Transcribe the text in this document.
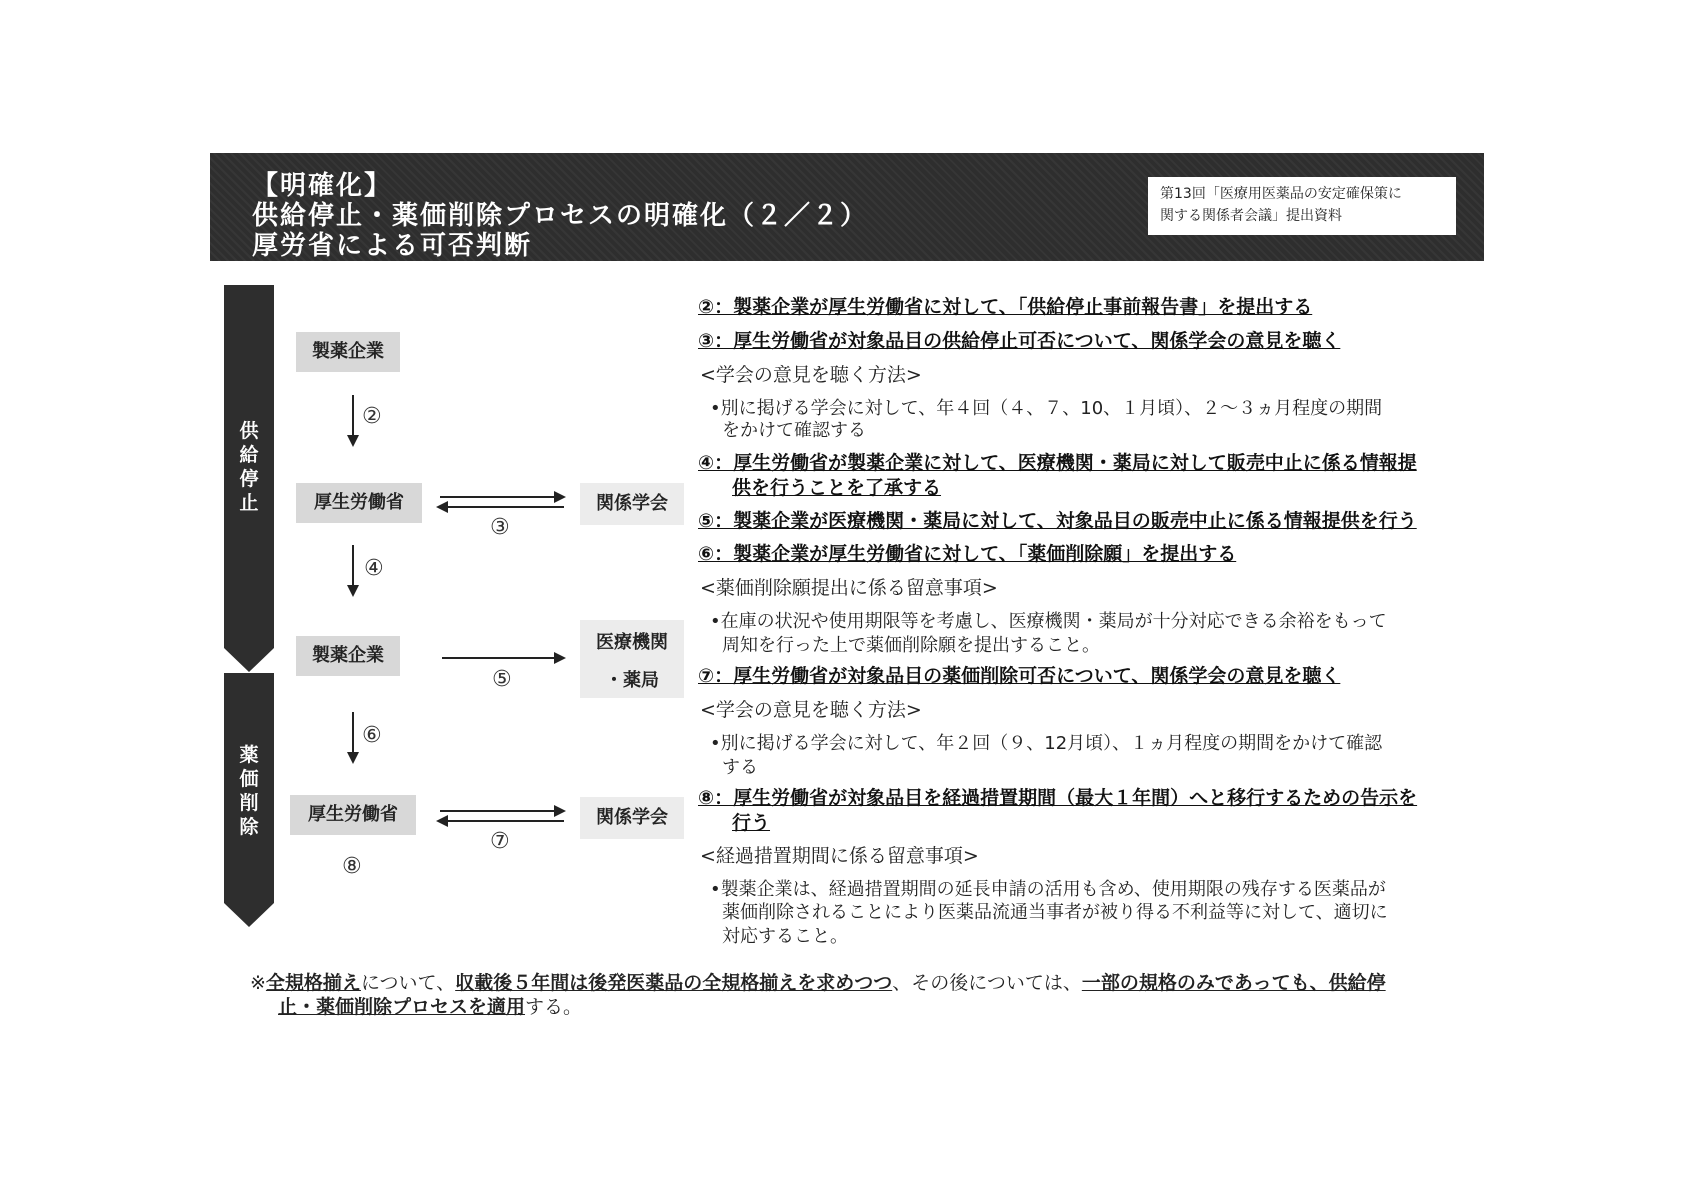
【明確化】
供給停止・薬価削除プロセスの明確化（２／２）
厚労省による可否判断
第13回「医療用医薬品の安定確保策に
関する関係者会議」提出資料
供
給
停
止
薬
価
削
除
製薬企業
厚生労働省	関係学会
製薬企業
医療機関
・薬局
厚生労働省	関係学会
②
④
⑥
⑧
③
⑤
⑦
②：製薬企業が厚生労働省に対して、「供給停止事前報告書」を提出する
③：厚生労働省が対象品目の供給停止可否について、関係学会の意見を聴く
<学会の意見を聴く方法>
•別に掲げる学会に対して、年４回（４、７、10、１月頃）、２～３ヵ月程度の期間
をかけて確認する
④：厚生労働省が製薬企業に対して、医療機関・薬局に対して販売中止に係る情報提
供を行うことを了承する
⑤：製薬企業が医療機関・薬局に対して、対象品目の販売中止に係る情報提供を行う
⑥：製薬企業が厚生労働省に対して、「薬価削除願」を提出する
<薬価削除願提出に係る留意事項>
•在庫の状況や使用期限等を考慮し、医療機関・薬局が十分対応できる余裕をもって
周知を行った上で薬価削除願を提出すること。
⑦：厚生労働省が対象品目の薬価削除可否について、関係学会の意見を聴く
<学会の意見を聴く方法>
•別に掲げる学会に対して、年２回（９、12月頃）、１ヵ月程度の期間をかけて確認
する
⑧：厚生労働省が対象品目を経過措置期間（最大１年間）へと移行するための告示を
行う
<経過措置期間に係る留意事項>
•製薬企業は、経過措置期間の延長申請の活用も含め、使用期限の残存する医薬品が
薬価削除されることにより医薬品流通当事者が被り得る不利益等に対して、適切に
対応すること。
※全規格揃えについて、収載後５年間は後発医薬品の全規格揃えを求めつつ、その後については、一部の規格のみであっても、供給停
止・薬価削除プロセスを適用する。
